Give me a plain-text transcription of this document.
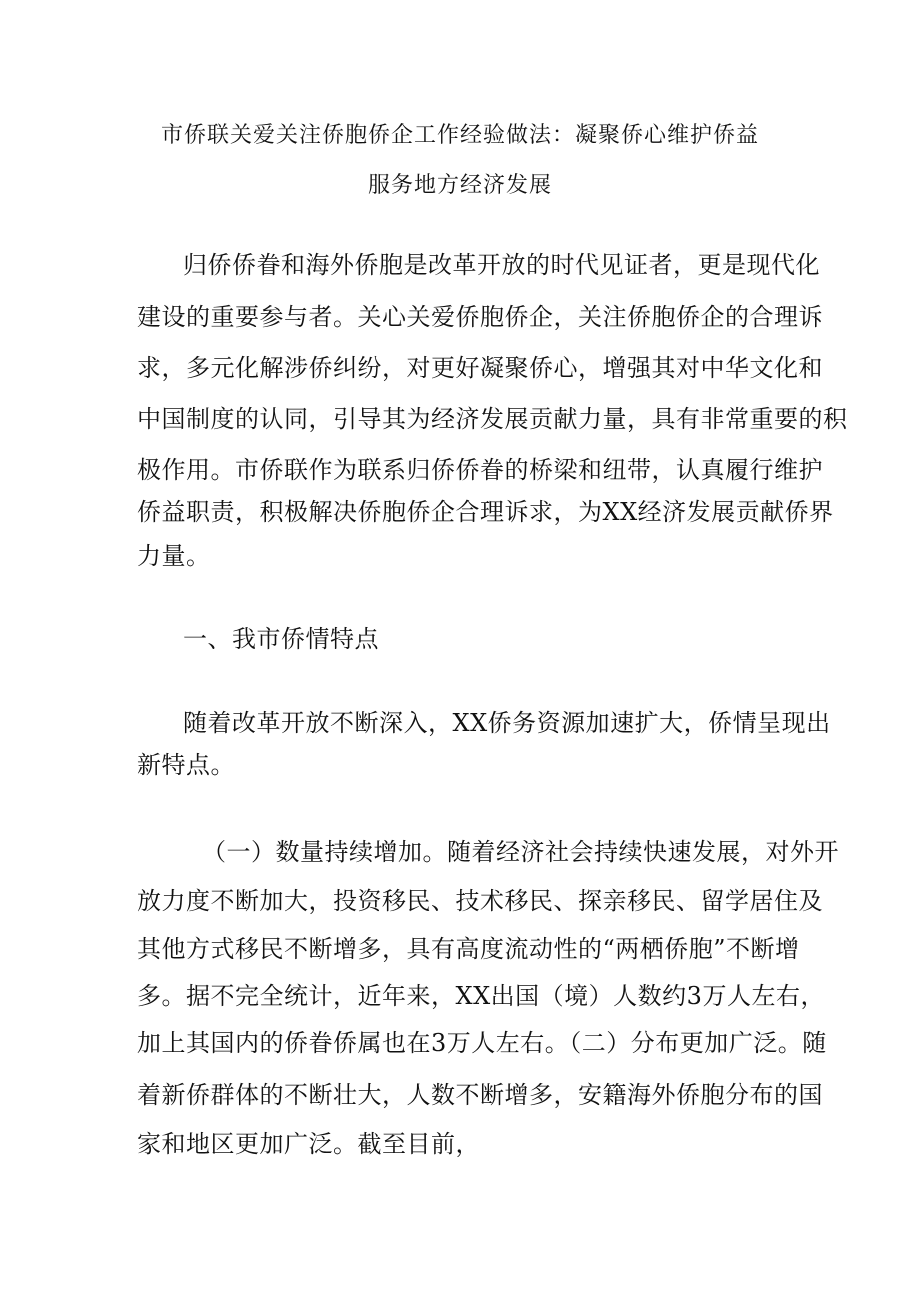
市侨联关爱关注侨胞侨企工作经验做法：凝聚侨心维护侨益
服务地方经济发展
归侨侨眷和海外侨胞是改革开放的时代见证者，更是现代化
建设的重要参与者。关心关爱侨胞侨企，关注侨胞侨企的合理诉
求，多元化解涉侨纠纷，对更好凝聚侨心，增强其对中华文化和
中国制度的认同，引导其为经济发展贡献力量，具有非常重要的积
极作用。市侨联作为联系归侨侨眷的桥梁和纽带，认真履行维护
侨益职责，积极解决侨胞侨企合理诉求，为XX经济发展贡献侨界
力量。
一、我市侨情特点
随着改革开放不断深入，XX侨务资源加速扩大，侨情呈现出
新特点。
（一）数量持续增加。随着经济社会持续快速发展，对外开
放力度不断加大，投资移民、技术移民、探亲移民、留学居住及
其他方式移民不断增多，具有高度流动性的“两栖侨胞”不断增
多。据不完全统计，近年来，XX出国（境）人数约3万人左右，
加上其国内的侨眷侨属也在3万人左右。（二）分布更加广泛。随
着新侨群体的不断壮大，人数不断增多，安籍海外侨胞分布的国
家和地区更加广泛。截至目前，
